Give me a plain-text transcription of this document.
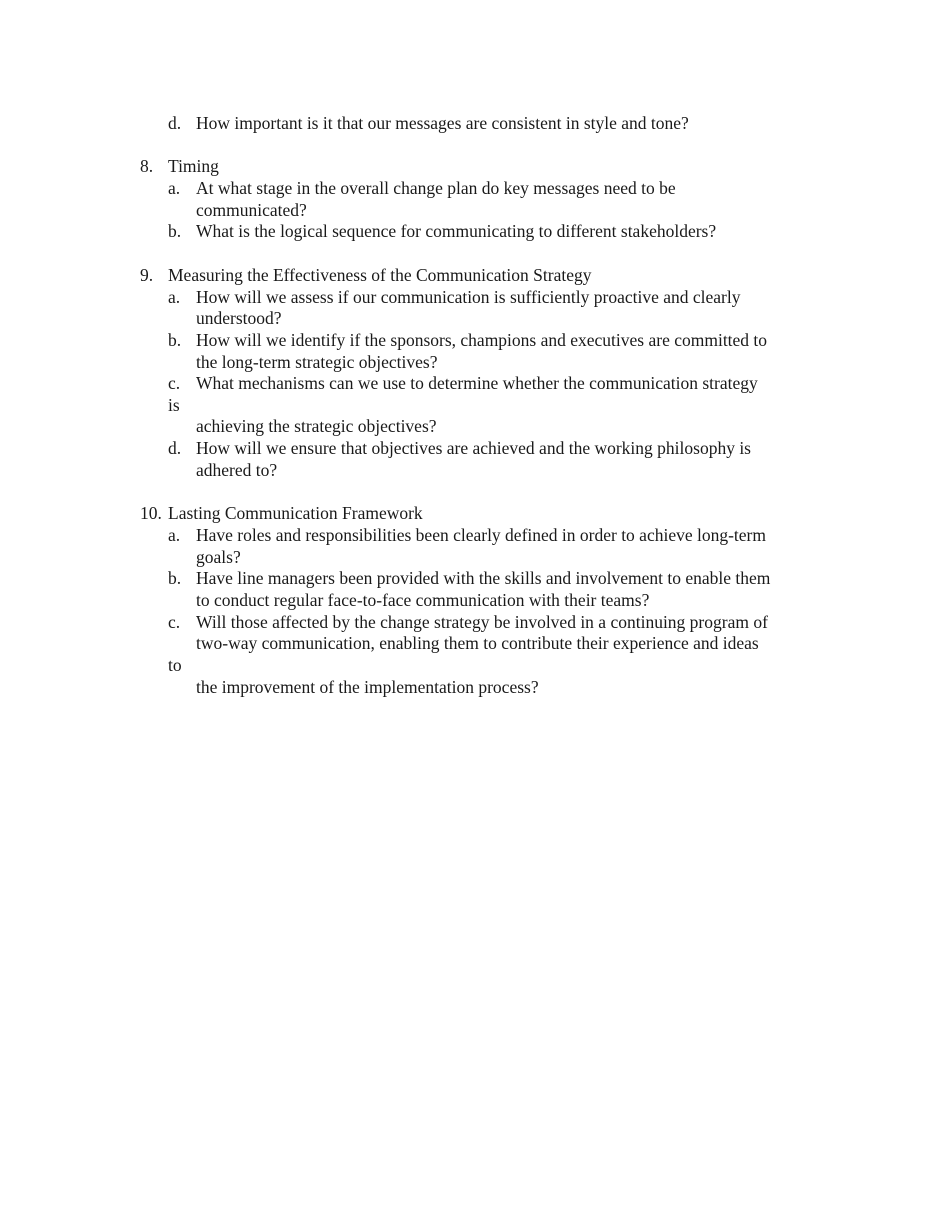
d. How important is it that our messages are consistent in style and tone?
8. Timing
a. At what stage in the overall change plan do key messages need to be
communicated?
b. What is the logical sequence for communicating to different stakeholders?
9. Measuring the Effectiveness of the Communication Strategy
a. How will we assess if our communication is sufficiently proactive and clearly
understood?
b. How will we identify if the sponsors, champions and executives are committed to
the long-term strategic objectives?
c. What mechanisms can we use to determine whether the communication strategy
is
achieving the strategic objectives?
d. How will we ensure that objectives are achieved and the working philosophy is
adhered to?
10. Lasting Communication Framework
a. Have roles and responsibilities been clearly defined in order to achieve long-term
goals?
b. Have line managers been provided with the skills and involvement to enable them
to conduct regular face-to-face communication with their teams?
c. Will those affected by the change strategy be involved in a continuing program of
two-way communication, enabling them to contribute their experience and ideas
to
the improvement of the implementation process?
